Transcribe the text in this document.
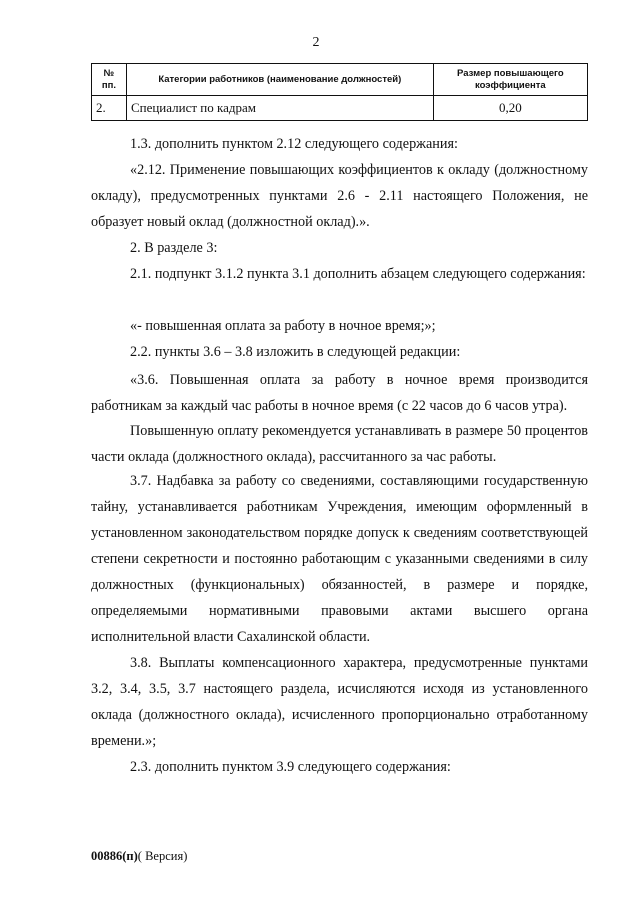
2
№ пп.	Категории работников (наименование должностей)	Размер повышающего коэффициента
2.	Специалист по кадрам	0,20
1.3. дополнить пунктом 2.12 следующего содержания:
«2.12. Применение повышающих коэффициентов к окладу (должностному окладу), предусмотренных пунктами 2.6 - 2.11 настоящего Положения, не образует новый оклад (должностной оклад).».
2. В разделе 3:
2.1. подпункт 3.1.2 пункта 3.1 дополнить абзацем следующего содержания:
«- повышенная оплата за работу в ночное время;»;
2.2. пункты 3.6 – 3.8 изложить в следующей редакции:
«3.6. Повышенная оплата за работу в ночное время производится работникам за каждый час работы в ночное время (с 22 часов до 6 часов утра).
Повышенную оплату рекомендуется устанавливать в размере 50 процентов части оклада (должностного оклада), рассчитанного за час работы.
3.7. Надбавка за работу со сведениями, составляющими государственную тайну, устанавливается работникам Учреждения, имеющим оформленный в установленном законодательством порядке допуск к сведениям соответствующей степени секретности и постоянно работающим с указанными сведениями в силу должностных (функциональных) обязанностей, в размере и порядке, определяемыми нормативными правовыми актами высшего органа исполнительной власти Сахалинской области.
3.8. Выплаты компенсационного характера, предусмотренные пунктами 3.2, 3.4, 3.5, 3.7 настоящего раздела, исчисляются исходя из установленного оклада (должностного оклада), исчисленного пропорционально отработанному времени.»;
2.3. дополнить пунктом 3.9 следующего содержания:
00886(п)( Версия)
